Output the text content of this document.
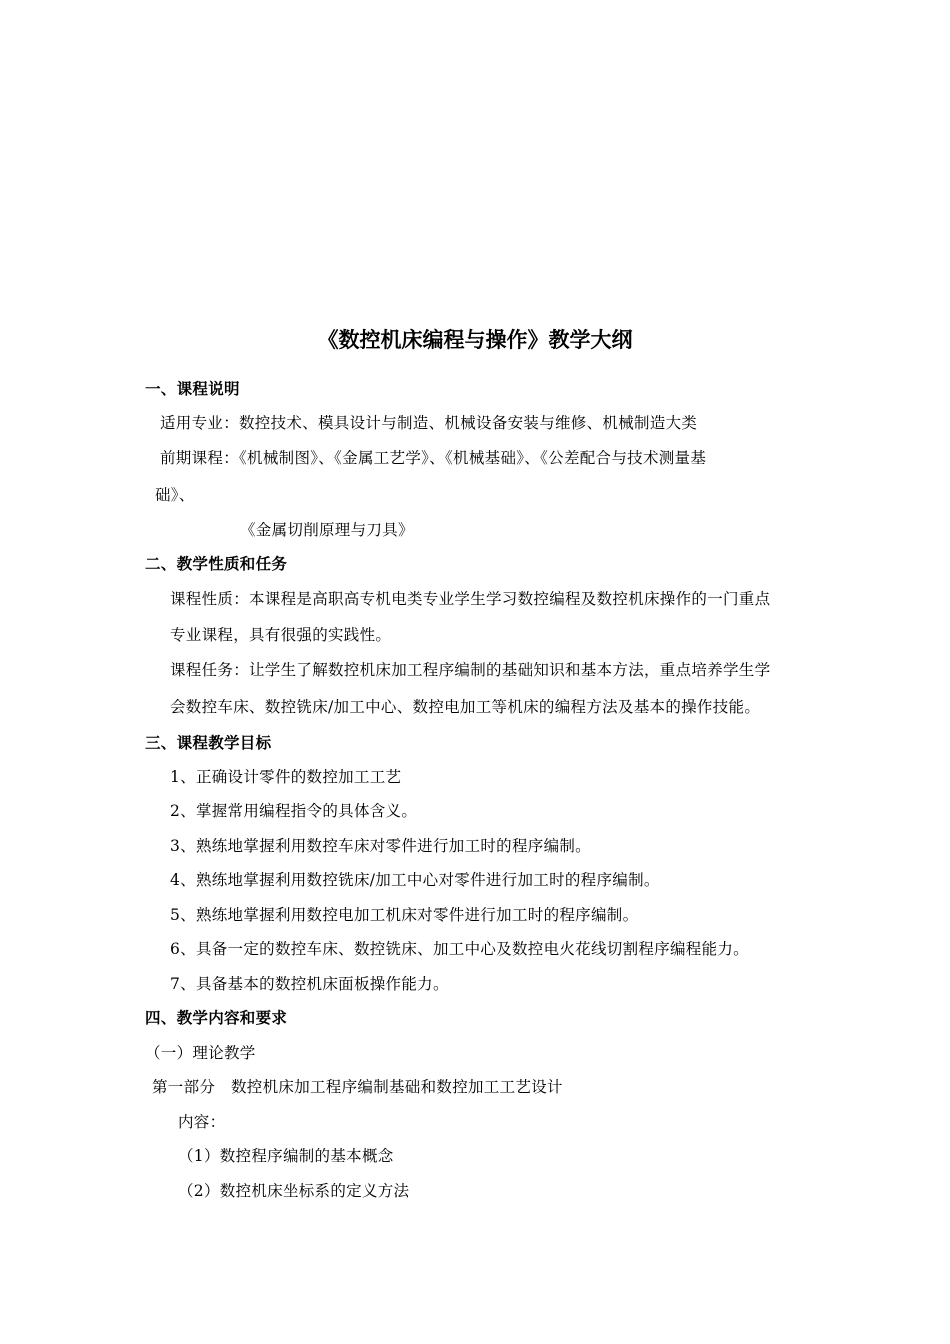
《数控机床编程与操作》教学大纲
一、课程说明
适用专业：数控技术、模具设计与制造、机械设备安装与维修、机械制造大类
前期课程：《机械制图》、《金属工艺学》、《机械基础》、《公差配合与技术测量基
础》、
《金属切削原理与刀具》
二、教学性质和任务
课程性质：本课程是高职高专机电类专业学生学习数控编程及数控机床操作的一门重点
专业课程，具有很强的实践性。
课程任务：让学生了解数控机床加工程序编制的基础知识和基本方法，重点培养学生学
会数控车床、数控铣床/加工中心、数控电加工等机床的编程方法及基本的操作技能。
三、课程教学目标
1、正确设计零件的数控加工工艺
2、掌握常用编程指令的具体含义。
3、熟练地掌握利用数控车床对零件进行加工时的程序编制。
4、熟练地掌握利用数控铣床/加工中心对零件进行加工时的程序编制。
5、熟练地掌握利用数控电加工机床对零件进行加工时的程序编制。
6、具备一定的数控车床、数控铣床、加工中心及数控电火花线切割程序编程能力。
7、具备基本的数控机床面板操作能力。
四、教学内容和要求
（一）理论教学
第一部分　数控机床加工程序编制基础和数控加工工艺设计
内容：
（1）数控程序编制的基本概念
（2）数控机床坐标系的定义方法
